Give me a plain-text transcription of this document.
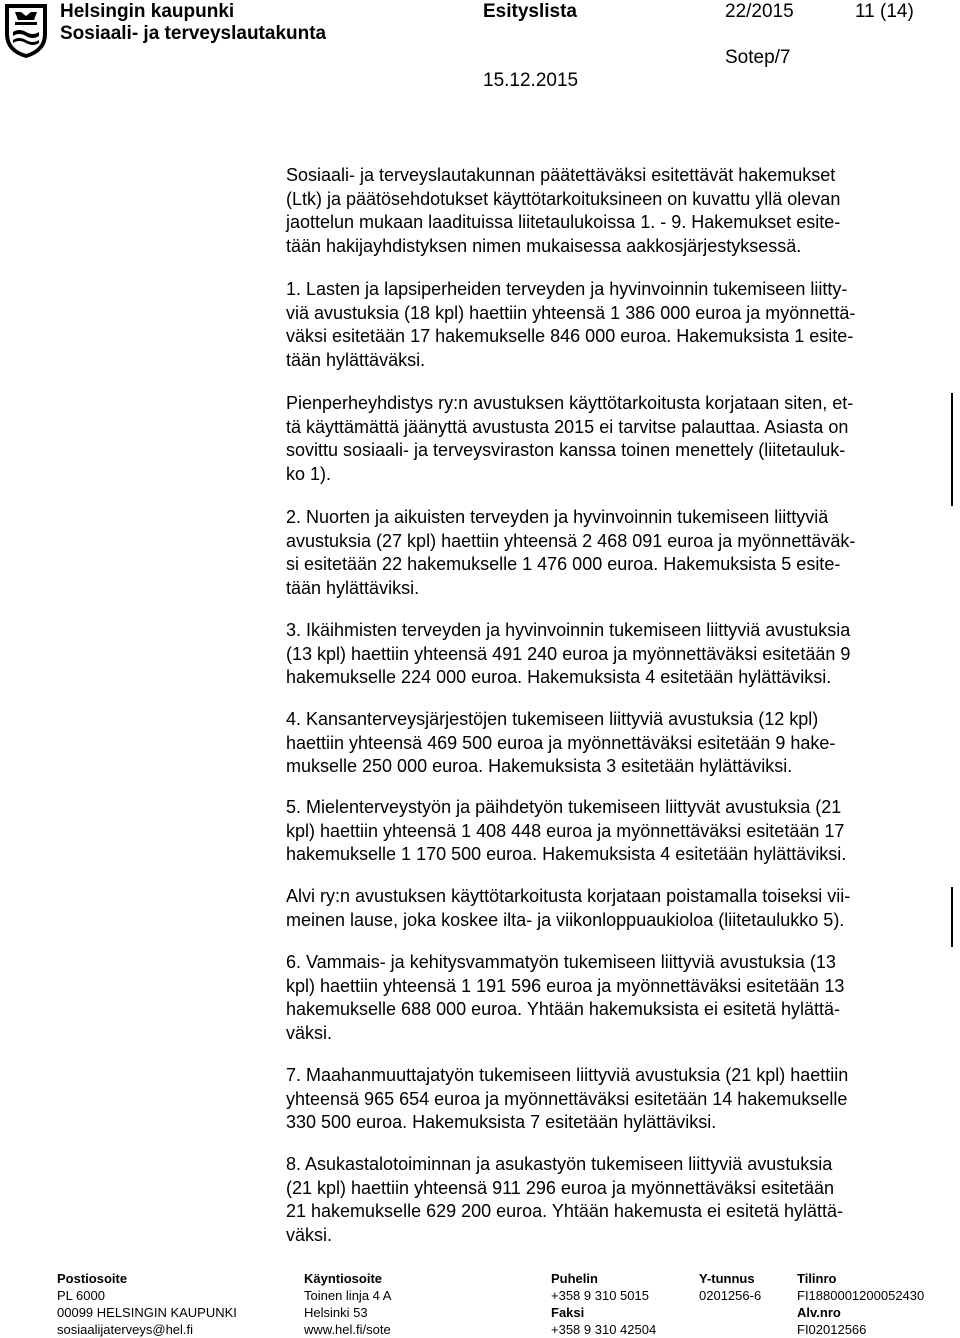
Helsingin kaupunki
Sosiaali- ja terveyslautakunta
Esityslista	22/2015	11 (14)
Sotep/7
15.12.2015
Sosiaali- ja terveyslautakunnan päätettäväksi esitettävät hakemukset
(Ltk) ja päätösehdotukset käyttötarkoituksineen on kuvattu yllä olevan
jaottelun mukaan laadituissa liitetaulukoissa 1. - 9. Hakemukset esite-
tään hakijayhdistyksen nimen mukaisessa aakkosjärjestyksessä.
1. Lasten ja lapsiperheiden terveyden ja hyvinvoinnin tukemiseen liitty-
viä avustuksia (18 kpl) haettiin yhteensä 1 386 000 euroa ja myönnettä-
väksi esitetään 17 hakemukselle 846 000 euroa. Hakemuksista 1 esite-
tään hylättäväksi.
Pienperheyhdistys ry:n avustuksen käyttötarkoitusta korjataan siten, et-
tä käyttämättä jäänyttä avustusta 2015 ei tarvitse palauttaa. Asiasta on
sovittu sosiaali- ja terveysviraston kanssa toinen menettely (liitetauluk-
ko 1).
2. Nuorten ja aikuisten terveyden ja hyvinvoinnin tukemiseen liittyviä
avustuksia (27 kpl) haettiin yhteensä 2 468 091 euroa ja myönnettäväk-
si esitetään 22 hakemukselle 1 476 000 euroa. Hakemuksista 5 esite-
tään hylättäviksi.
3. Ikäihmisten terveyden ja hyvinvoinnin tukemiseen liittyviä avustuksia
(13 kpl) haettiin yhteensä 491 240 euroa ja myönnettäväksi esitetään 9
hakemukselle 224 000 euroa. Hakemuksista 4 esitetään hylättäviksi.
4. Kansanterveysjärjestöjen tukemiseen liittyviä avustuksia (12 kpl)
haettiin yhteensä 469 500 euroa ja myönnettäväksi esitetään 9 hake-
mukselle 250 000 euroa. Hakemuksista 3 esitetään hylättäviksi.
5. Mielenterveystyön ja päihdetyön tukemiseen liittyvät avustuksia (21
kpl) haettiin yhteensä 1 408 448 euroa ja myönnettäväksi esitetään 17
hakemukselle 1 170 500 euroa. Hakemuksista 4 esitetään hylättäviksi.
Alvi ry:n avustuksen käyttötarkoitusta korjataan poistamalla toiseksi vii-
meinen lause, joka koskee ilta- ja viikonloppuaukioloa (liitetaulukko 5).
6. Vammais- ja kehitysvammatyön tukemiseen liittyviä avustuksia (13
kpl) haettiin yhteensä 1 191 596 euroa ja myönnettäväksi esitetään 13
hakemukselle 688 000 euroa. Yhtään hakemuksista ei esitetä hylättä-
väksi.
7. Maahanmuuttajatyön tukemiseen liittyviä avustuksia (21 kpl) haettiin
yhteensä 965 654 euroa ja myönnettäväksi esitetään 14 hakemukselle
330 500 euroa. Hakemuksista 7 esitetään hylättäviksi.
8. Asukastalotoiminnan ja asukastyön tukemiseen liittyviä avustuksia
(21 kpl) haettiin yhteensä 911 296 euroa ja myönnettäväksi esitetään
21 hakemukselle 629 200 euroa. Yhtään hakemusta ei esitetä hylättä-
väksi.
Postiosoite
PL 6000
00099 HELSINGIN KAUPUNKI
sosiaalijaterveys@hel.fi
Käyntiosoite
Toinen linja 4 A
Helsinki 53
www.hel.fi/sote
Puhelin
+358 9 310 5015
Faksi
+358 9 310 42504
Y-tunnus
0201256-6
Tilinro
FI1880001200052430
Alv.nro
FI02012566
